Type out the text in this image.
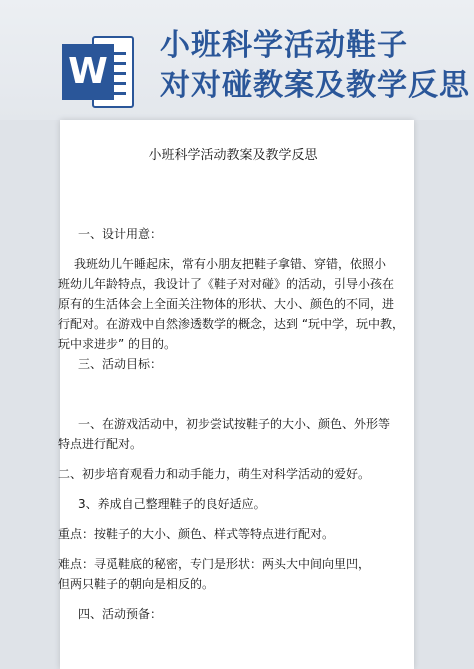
W
小班科学活动鞋子
对对碰教案及教学反思
小班科学活动教案及教学反思
一、设计用意：
我班幼儿午睡起床，常有小朋友把鞋子拿错、穿错，依照小
班幼儿年龄特点，我设计了《鞋子对对碰》的活动，引导小孩在
原有的生活体会上全面关注物体的形状、大小、颜色的不同，进
行配对。在游戏中自然渗透数学的概念，达到 “玩中学，玩中教，
玩中求进步” 的目的。
三、活动目标：
一、在游戏活动中，初步尝试按鞋子的大小、颜色、外形等
特点进行配对。
二、初步培育观看力和动手能力，萌生对科学活动的爱好。
3、养成自己整理鞋子的良好适应。
重点：按鞋子的大小、颜色、样式等特点进行配对。
难点：寻觅鞋底的秘密，专门是形状：两头大中间向里凹，
但两只鞋子的朝向是相反的。
四、活动预备：
